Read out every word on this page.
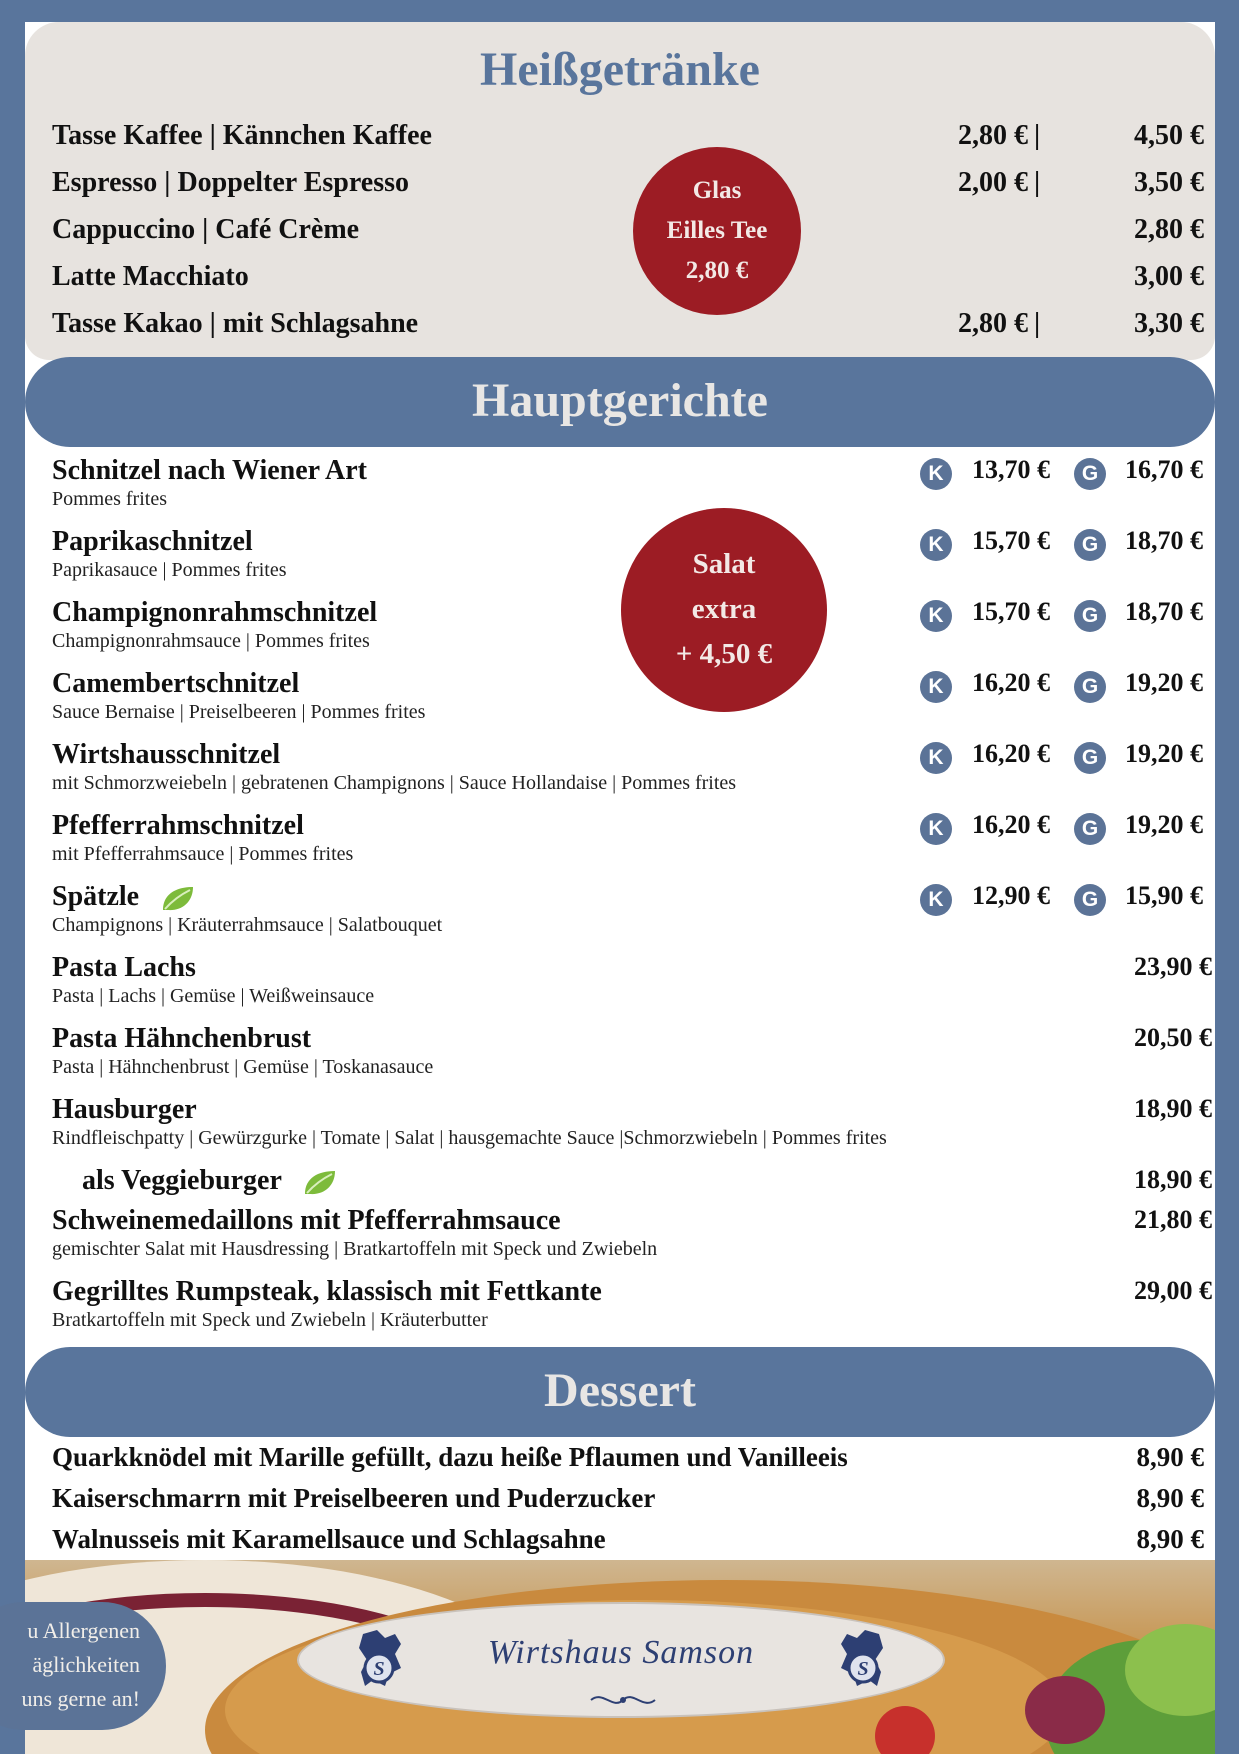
Heißgetränke
Tasse Kaffee | Kännchen Kaffee	2,80 € |	4,50 €
Espresso | Doppelter Espresso	2,00 € |	3,50 €
Cappuccino | Café Crème	2,80 €
Latte Macchiato	3,00 €
Tasse Kakao | mit Schlagsahne	2,80 € |	3,30 €
Glas
Eilles Tee
2,80 €
Hauptgerichte
Salat
extra
+ 4,50 €
Schnitzel nach Wiener Art
Pommes frites
K	13,70 €	G	16,70 €
Paprikaschnitzel
Paprikasauce | Pommes frites
K	15,70 €	G	18,70 €
Champignonrahmschnitzel
Champignonrahmsauce | Pommes frites
K	15,70 €	G	18,70 €
Camembertschnitzel
Sauce Bernaise | Preiselbeeren | Pommes frites
K	16,20 €	G	19,20 €
Wirtshausschnitzel
mit Schmorzweiebeln | gebratenen Champignons | Sauce Hollandaise | Pommes frites
K	16,20 €	G	19,20 €
Pfefferrahmschnitzel
mit Pfefferrahmsauce | Pommes frites
K	16,20 €	G	19,20 €
Spätzle
Champignons | Kräuterrahmsauce | Salatbouquet
K	12,90 €	G	15,90 €
Pasta Lachs
Pasta | Lachs | Gemüse | Weißweinsauce
23,90 €
Pasta Hähnchenbrust
Pasta | Hähnchenbrust | Gemüse | Toskanasauce
20,50 €
Hausburger
Rindfleischpatty | Gewürzgurke | Tomate | Salat | hausgemachte Sauce |Schmorzwiebeln | Pommes frites
18,90 €
als Veggieburger	18,90 €
Schweinemedaillons mit Pfefferrahmsauce
gemischter Salat mit Hausdressing | Bratkartoffeln mit Speck und Zwiebeln
21,80 €
Gegrilltes Rumpsteak, klassisch mit Fettkante
Bratkartoffeln mit Speck und Zwiebeln | Kräuterbutter
29,00 €
Dessert
Quarkknödel mit Marille gefüllt, dazu heiße Pflaumen und Vanilleeis	8,90 €
Kaiserschmarrn mit Preiselbeeren und Puderzucker	8,90 €
Walnusseis mit Karamellsauce und Schlagsahne	8,90 €
u Allergenen
äglichkeiten
uns gerne an!
S	Wirtshaus Samson	S
